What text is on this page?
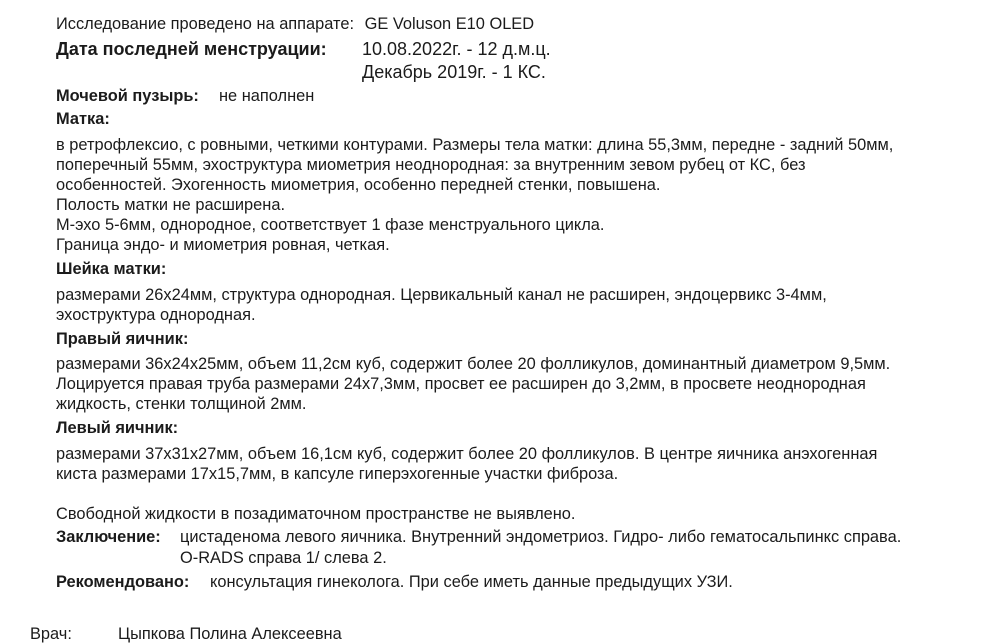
Исследование проведено на аппарате: GE Voluson E10 OLED
Дата последней менструации: 10.08.2022г. - 12 д.м.ц.
Декабрь 2019г. - 1 КС.
Мочевой пузырь: не наполнен
Матка:
в ретрофлексио, с ровными, четкими контурами. Размеры тела матки: длина 55,3мм, передне - задний 50мм,
поперечный 55мм, эхоструктура миометрия неоднородная: за внутренним зевом рубец от КС, без
особенностей. Эхогенность миометрия, особенно передней стенки, повышена.
Полость матки не расширена.
М-эхо 5-6мм, однородное, соответствует 1 фазе менструального цикла.
Граница эндо- и миометрия ровная, четкая.
Шейка матки:
размерами 26х24мм, структура однородная. Цервикальный канал не расширен, эндоцервикс 3-4мм,
эхоструктура однородная.
Правый яичник:
размерами 36х24х25мм, объем 11,2см куб, содержит более 20 фолликулов, доминантный диаметром 9,5мм.
Лоцируется правая труба размерами 24х7,3мм, просвет ее расширен до 3,2мм, в просвете неоднородная
жидкость, стенки толщиной 2мм.
Левый яичник:
размерами 37х31х27мм, объем 16,1см куб, содержит более 20 фолликулов. В центре яичника анэхогенная
киста размерами 17х15,7мм, в капсуле гиперэхогенные участки фиброза.
Свободной жидкости в позадиматочном пространстве не выявлено.
Заключение: цистаденома левого яичника. Внутренний эндометриоз. Гидро- либо гематосальпинкс справа.
O-RADS справа 1/ слева 2.
Рекомендовано: консультация гинеколога. При себе иметь данные предыдущих УЗИ.
Врач:	Цыпкова Полина Алексеевна
